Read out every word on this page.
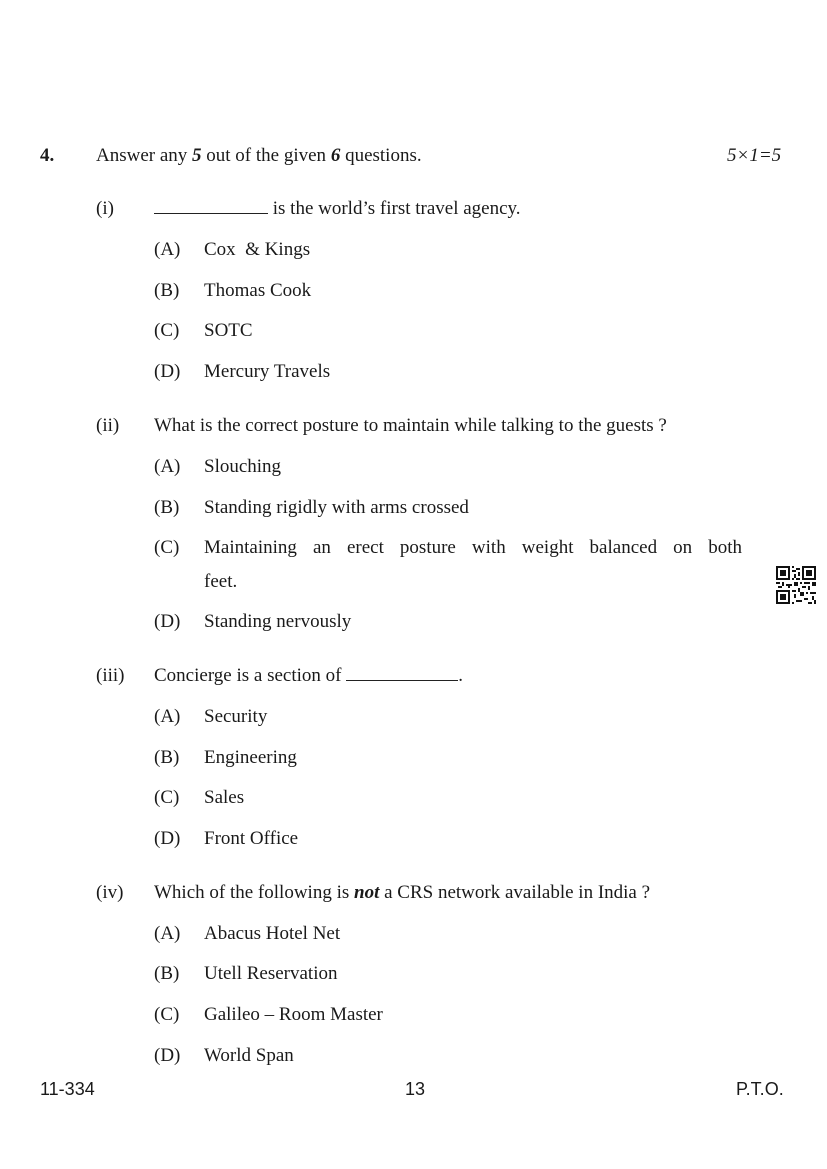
4. Answer any 5 out of the given 6 questions.	5×1=5
(i)	is the world’s first travel agency.
(A) Cox  & Kings
(B) Thomas Cook
(C) SOTC
(D) Mercury Travels
(ii) What is the correct posture to maintain while talking to the guests ?
(A) Slouching
(B) Standing rigidly with arms crossed
(C) Maintaining an erect posture with weight balanced on both
feet.
(D) Standing nervously
(iii) Concierge is a section of	.
(A) Security
(B) Engineering
(C) Sales
(D) Front Office
(iv) Which of the following is not a CRS network available in India ?
(A) Abacus Hotel Net
(B) Utell Reservation
(C) Galileo – Room Master
(D) World Span
11-334	13	P.T.O.
